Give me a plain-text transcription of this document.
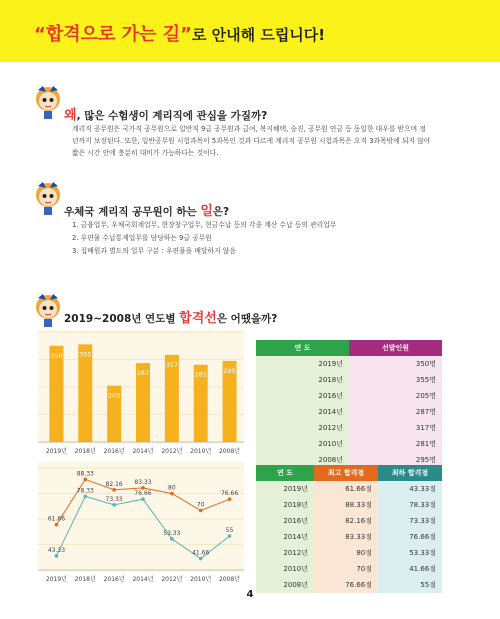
“합격으로 가는 길”로 안내해 드립니다!
왜, 많은 수험생이 계리직에 관심을 가질까?
계리직 공무원은 국가직 공무원으로 일반직 9급 공무원과 급여, 복지혜택, 승진, 공무원 연금 등 동일한 대우를 받으며 정년까지 보장된다. 또한, 일반공무원 시험과목이 5과목인 것과 다르게 계리직 공무원 시험과목은 오직 3과목밖에 되지 않아 짧은 시간 안에 충분히 대비가 가능하다는 것이다.
우체국 계리직 공무원이 하는 일은?
1. 금융업무, 우체국회계업무, 현장창구업무, 현금수납 등의 각종 계산 수납 등의 관리업무
2. 우편물 수납통계업무를 담당하는 9급 공무원
3. 집배원과 별도의 업무 구분 : 우편물을 배달하지 않음
2019~2008년 연도별 합격선은 어땠을까?
350
2019년
355
2018년
205
2016년
287
2014년
317
2012년
281
2010년
295
2008년
61.66
88.33
82.16 83.33
80
70
76.66
43.33
78.33
73.33
76.66
53.33
41.66
55
2019년 2018년 2016년 2014년 2012년 2010년 2008년
연 도	선발인원
2019년	350명
2018년	355명
2016년	205명
2014년	287명
2012년	317명
2010년	281명
2008년	295명
연 도	최고 합격점	최하 합격점
2019년	61.66점	43.33점
2018년	88.33점	78.33점
2016년	82.16점	73.33점
2014년	83.33점	76.66점
2012년	80점	53.33점
2010년	70점	41.66점
2008년	76.66점	55점
4
